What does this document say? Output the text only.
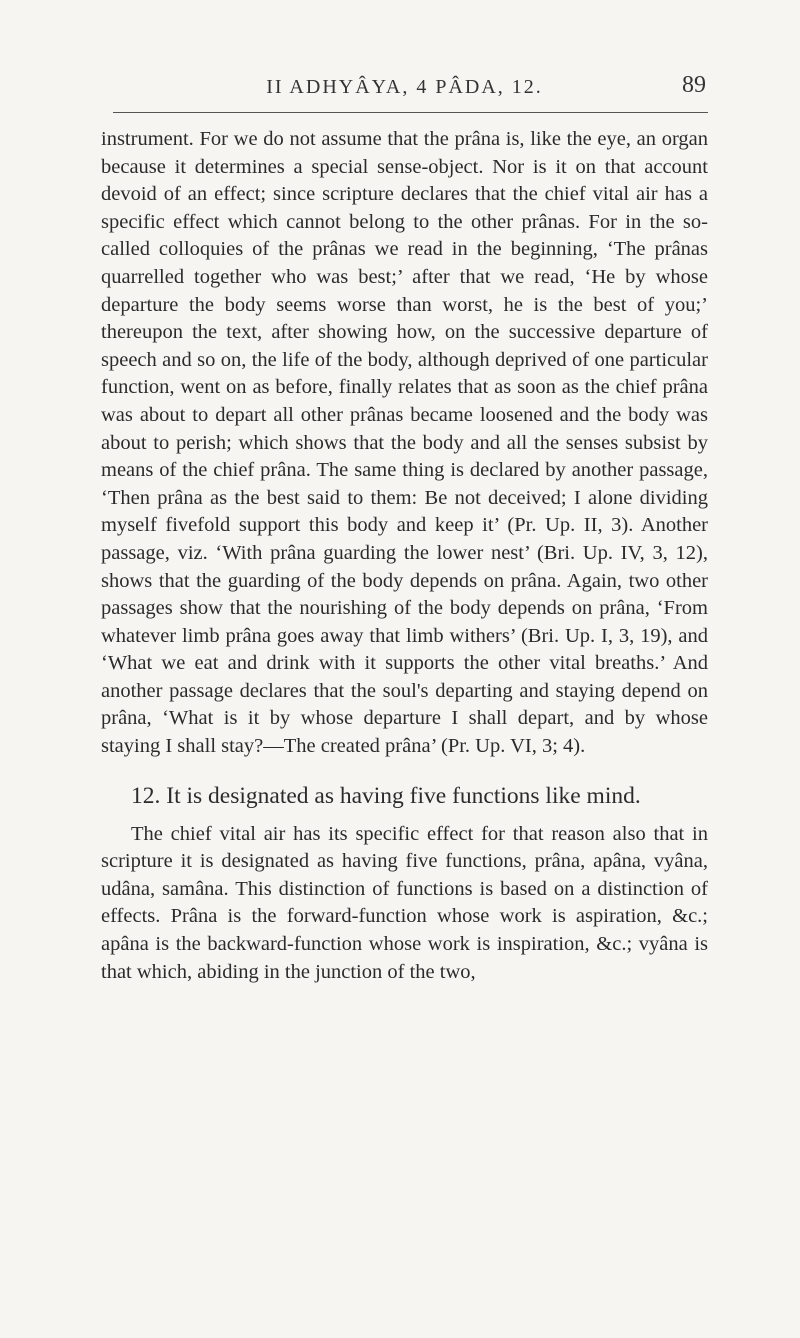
II ADHYÂYA, 4 PÂDA, 12.	89

instrument. For we do not assume that the prâna is, like the eye, an organ because it determines a special sense-object. Nor is it on that account devoid of an effect; since scripture declares that the chief vital air has a specific effect which cannot belong to the other prânas. For in the so-called colloquies of the prânas we read in the beginning, ‘The prânas quarrelled together who was best;’ after that we read, ‘He by whose departure the body seems worse than worst, he is the best of you;’ thereupon the text, after showing how, on the successive departure of speech and so on, the life of the body, although deprived of one particular function, went on as before, finally relates that as soon as the chief prâna was about to depart all other prânas became loosened and the body was about to perish; which shows that the body and all the senses subsist by means of the chief prâna. The same thing is declared by another passage, ‘Then prâna as the best said to them: Be not deceived; I alone dividing myself fivefold support this body and keep it’ (Pr. Up. II, 3). Another passage, viz. ‘With prâna guarding the lower nest’ (Bri. Up. IV, 3, 12), shows that the guarding of the body depends on prâna. Again, two other passages show that the nourishing of the body depends on prâna, ‘From whatever limb prâna goes away that limb withers’ (Bri. Up. I, 3, 19), and ‘What we eat and drink with it supports the other vital breaths.’ And another passage declares that the soul's departing and staying depend on prâna, ‘What is it by whose departure I shall depart, and by whose staying I shall stay?—The created prâna’ (Pr. Up. VI, 3; 4).

12. It is designated as having five functions like mind.

The chief vital air has its specific effect for that reason also that in scripture it is designated as having five functions, prâna, apâna, vyâna, udâna, samâna. This distinction of functions is based on a distinction of effects. Prâna is the forward-function whose work is aspiration, &c.; apâna is the backward-function whose work is inspiration, &c.; vyâna is that which, abiding in the junction of the two,
